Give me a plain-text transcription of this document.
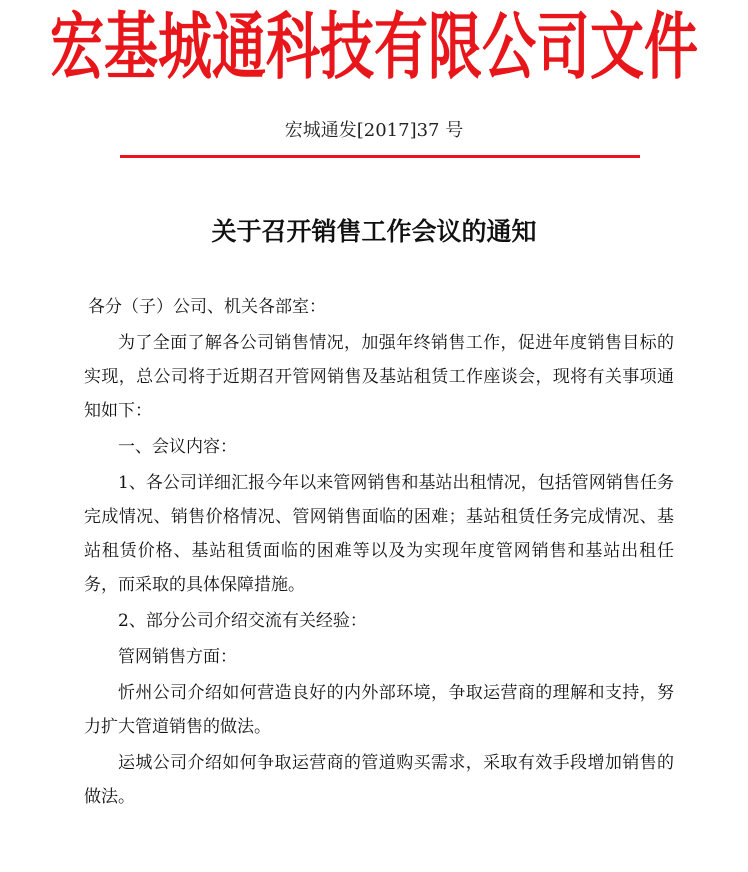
宏基城通科技有限公司文件
宏城通发[2017]37 号
关于召开销售工作会议的通知

各分（子）公司、机关各部室：

为了全面了解各公司销售情况，加强年终销售工作，促进年度销售目标的实现，总公司将于近期召开管网销售及基站租赁工作座谈会，现将有关事项通知如下：

一、会议内容：

1、各公司详细汇报今年以来管网销售和基站出租情况，包括管网销售任务完成情况、销售价格情况、管网销售面临的困难；基站租赁任务完成情况、基站租赁价格、基站租赁面临的困难等以及为实现年度管网销售和基站出租任务，而采取的具体保障措施。

2、部分公司介绍交流有关经验：

管网销售方面：

忻州公司介绍如何营造良好的内外部环境，争取运营商的理解和支持，努力扩大管道销售的做法。

运城公司介绍如何争取运营商的管道购买需求，采取有效手段增加销售的做法。
